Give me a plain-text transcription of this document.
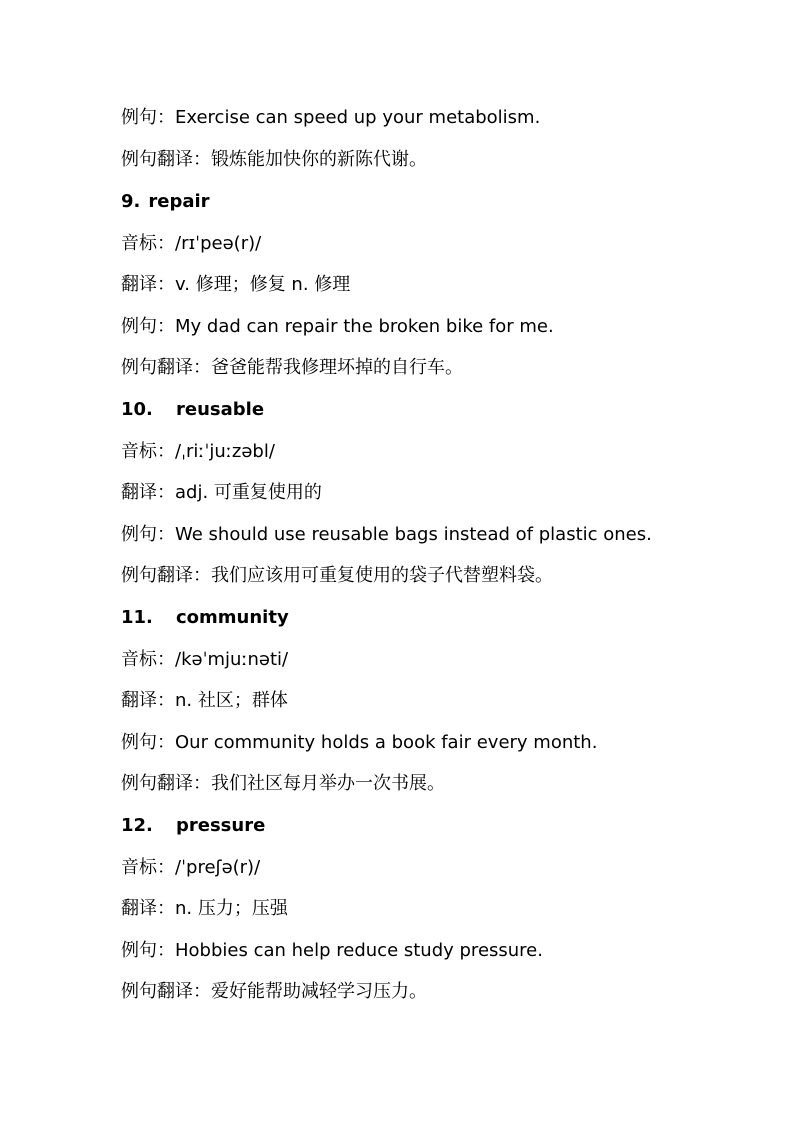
例句：Exercise can speed up your metabolism.
例句翻译：锻炼能加快你的新陈代谢。
9. repair
音标：/rɪˈpeə(r)/
翻译：v. 修理；修复 n. 修理
例句：My dad can repair the broken bike for me.
例句翻译：爸爸能帮我修理坏掉的自行车。
10. reusable
音标：/ˌriːˈjuːzəbl/
翻译：adj. 可重复使用的
例句：We should use reusable bags instead of plastic ones.
例句翻译：我们应该用可重复使用的袋子代替塑料袋。
11. community
音标：/kəˈmjuːnəti/
翻译：n. 社区；群体
例句：Our community holds a book fair every month.
例句翻译：我们社区每月举办一次书展。
12. pressure
音标：/ˈpreʃə(r)/
翻译：n. 压力；压强
例句：Hobbies can help reduce study pressure.
例句翻译：爱好能帮助减轻学习压力。
